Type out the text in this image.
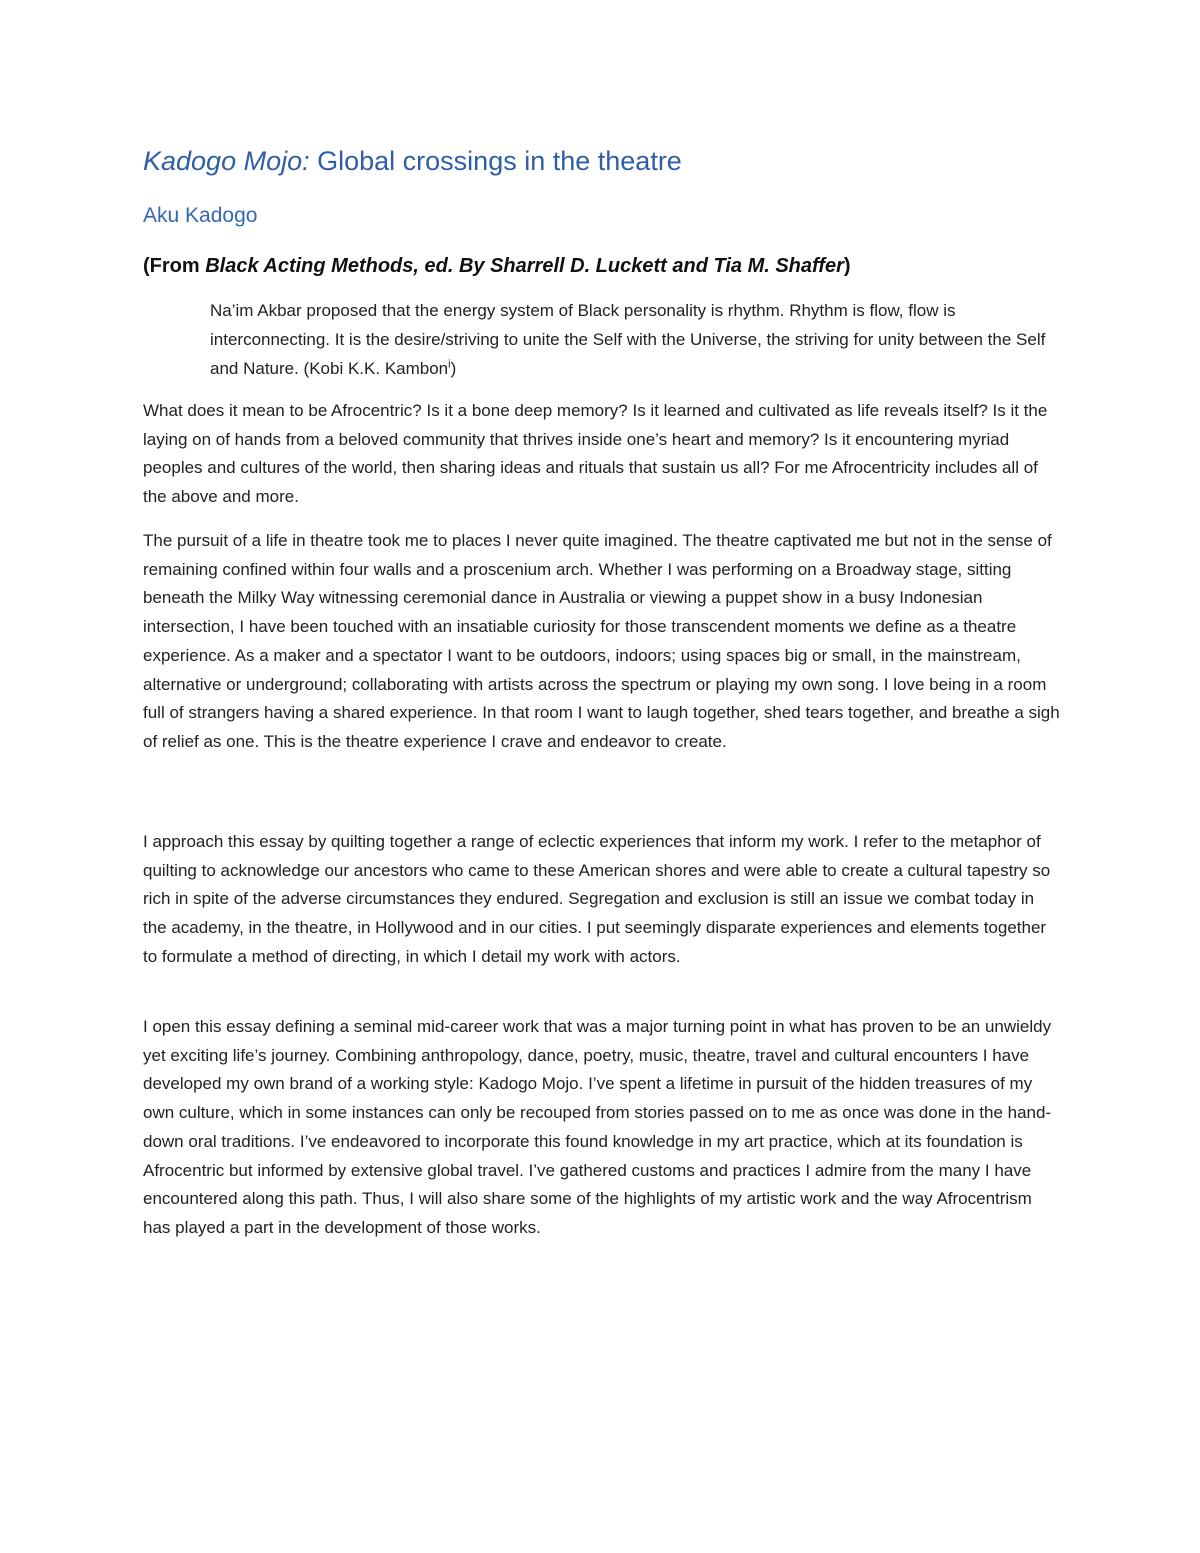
Kadogo Mojo: Global crossings in the theatre
Aku Kadogo

(From Black Acting Methods, ed. By Sharrell D. Luckett and Tia M. Shaffer)

Na’im Akbar proposed that the energy system of Black personality is rhythm. Rhythm is flow, flow is interconnecting. It is the desire/striving to unite the Self with the Universe, the striving for unity between the Self and Nature. (Kobi K.K. Kambon$^i$)

What does it mean to be Afrocentric? Is it a bone deep memory? Is it learned and cultivated as life reveals itself? Is it the laying on of hands from a beloved community that thrives inside one’s heart and memory? Is it encountering myriad peoples and cultures of the world, then sharing ideas and rituals that sustain us all? For me Afrocentricity includes all of the above and more.

The pursuit of a life in theatre took me to places I never quite imagined. The theatre captivated me but not in the sense of remaining confined within four walls and a proscenium arch. Whether I was performing on a Broadway stage, sitting beneath the Milky Way witnessing ceremonial dance in Australia or viewing a puppet show in a busy Indonesian intersection, I have been touched with an insatiable curiosity for those transcendent moments we define as a theatre experience. As a maker and a spectator I want to be outdoors, indoors; using spaces big or small, in the mainstream, alternative or underground; collaborating with artists across the spectrum or playing my own song. I love being in a room full of strangers having a shared experience. In that room I want to laugh together, shed tears together, and breathe a sigh of relief as one. This is the theatre experience I crave and endeavor to create.

I approach this essay by quilting together a range of eclectic experiences that inform my work. I refer to the metaphor of quilting to acknowledge our ancestors who came to these American shores and were able to create a cultural tapestry so rich in spite of the adverse circumstances they endured. Segregation and exclusion is still an issue we combat today in the academy, in the theatre, in Hollywood and in our cities. I put seemingly disparate experiences and elements together to formulate a method of directing, in which I detail my work with actors.

I open this essay defining a seminal mid-career work that was a major turning point in what has proven to be an unwieldy yet exciting life’s journey. Combining anthropology, dance, poetry, music, theatre, travel and cultural encounters I have developed my own brand of a working style: Kadogo Mojo. I’ve spent a lifetime in pursuit of the hidden treasures of my own culture, which in some instances can only be recouped from stories passed on to me as once was done in the hand-down oral traditions. I’ve endeavored to incorporate this found knowledge in my art practice, which at its foundation is Afrocentric but informed by extensive global travel. I’ve gathered customs and practices I admire from the many I have encountered along this path. Thus, I will also share some of the highlights of my artistic work and the way Afrocentrism has played a part in the development of those works.
